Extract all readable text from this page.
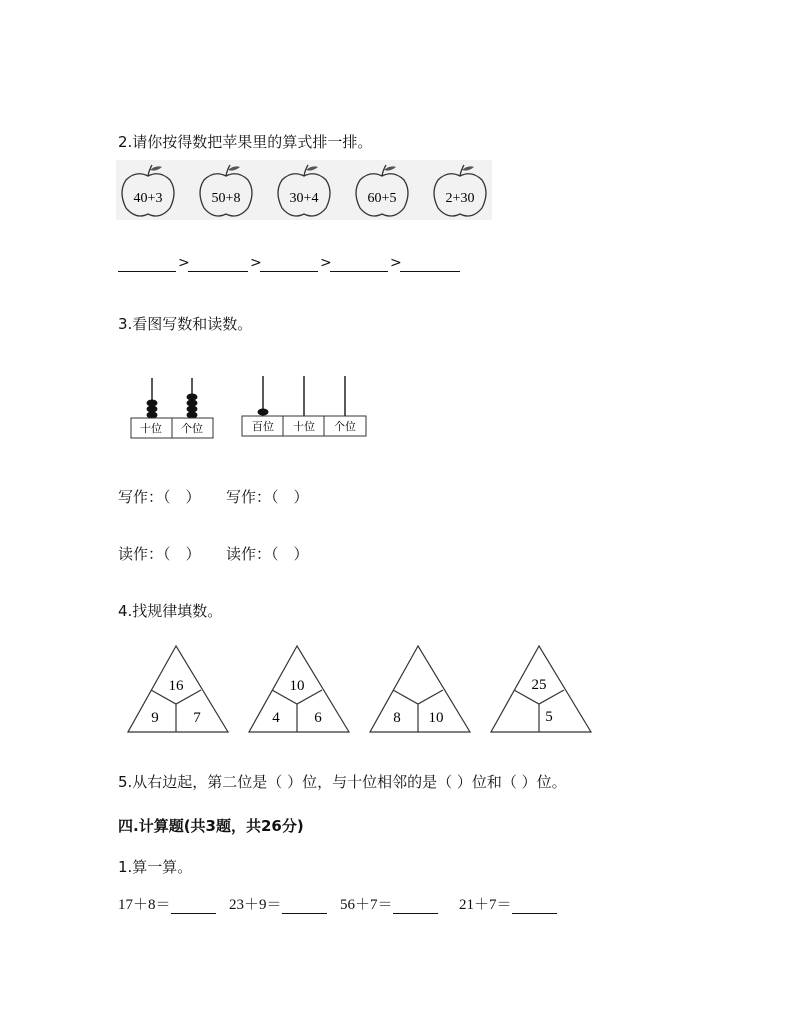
2.请你按得数把苹果里的算式排一排。
40+3	50+8	30+4	60+5	2+30
>	>	>	>
3.看图写数和读数。
十位 个位	百位 十位 个位
写作：（　） 写作：（　）
读作：（　） 读作：（　）
4.找规律填数。
16
9 7
10
4 6	8 10
25
5
5.从右边起，第二位是（ ）位，与十位相邻的是（ ）位和（ ）位。
四.计算题(共3题，共26分)
1.算一算。
17＋8＝	23＋9＝	56＋7＝	21＋7＝
